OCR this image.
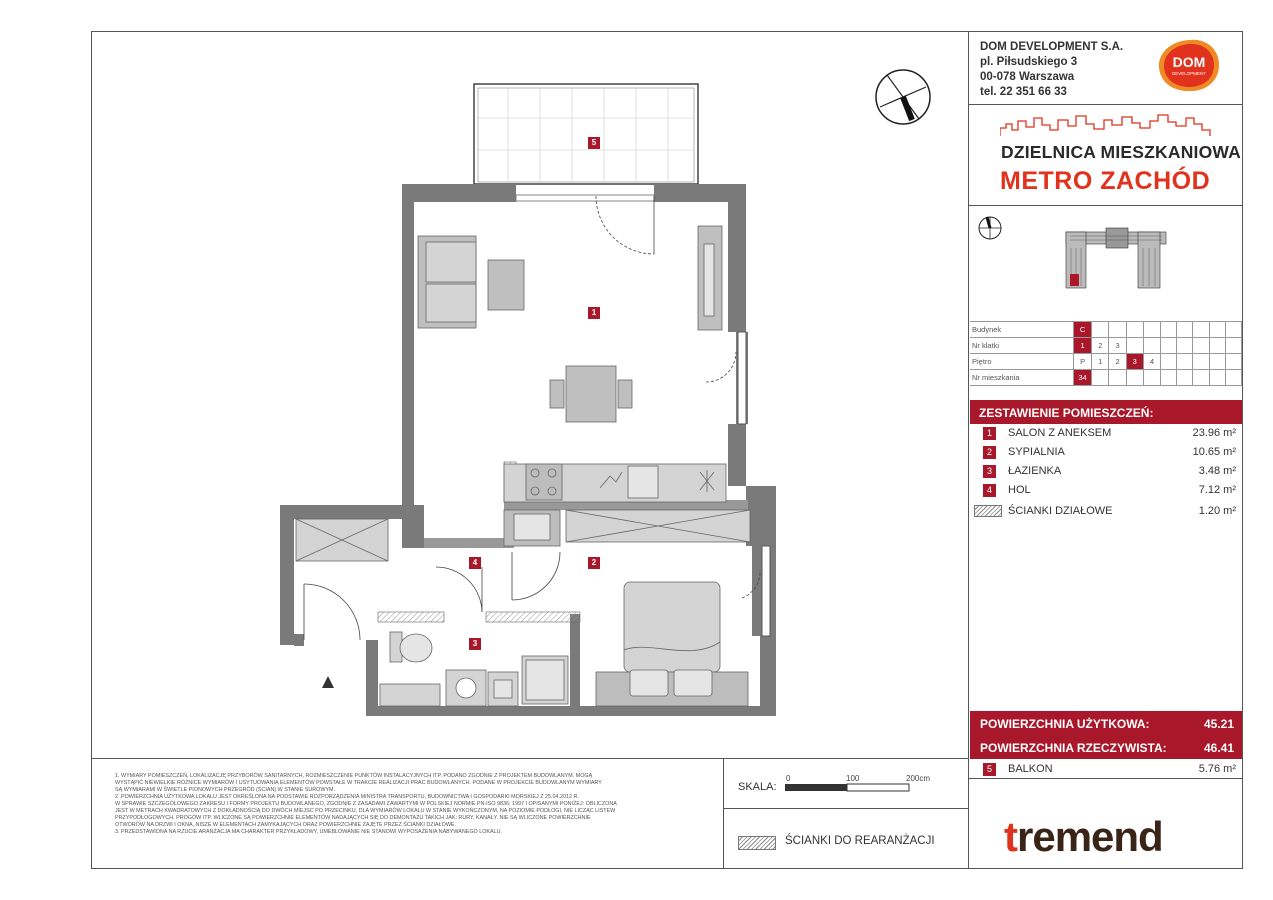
DOM DEVELOPMENT S.A.
pl. Piłsudskiego 3
00-078 Warszawa
tel. 22 351 66 33
DOM
DEVELOPMENT
DZIELNICA MIESZKANIOWA
METRO ZACHÓD
Budynek	C									
Nr klatki	1	2	3							
Piętro	P	1	2	3	4					
Nr mieszkania	34									
ZESTAWIENIE POMIESZCZEŃ:
1	SALON Z ANEKSEM	23.96 m²
2	SYPIALNIA	10.65 m²
3	ŁAZIENKA	3.48 m²
4	HOL	7.12 m²
ŚCIANKI DZIAŁOWE	1.20 m²
POWIERZCHNIA UŻYTKOWA:	45.21
POWIERZCHNIA RZECZYWISTA:	46.41
5	BALKON	5.76 m²
1. WYMIARY POMIESZCZEŃ, LOKALIZACJĘ PRZYBORÓW SANITARNYCH, ROZMIESZCZENIE PUNKTÓW INSTALACYJNYCH ITP. PODANO ZGODNIE Z PROJEKTEM BUDOWLANYM. MOGĄ
WYSTĄPIĆ NIEWIELKIE RÓŻNICE WYMIARÓW I USYTUOWANIA ELEMENTÓW POWSTAŁE W TRAKCIE REALIZACJI PRAC BUDOWLANYCH. PODANE W PROJEKCIE BUDOWLANYM WYMIARY
SĄ WYMIARAMI W ŚWIETLE PIONOWYCH PRZEGRÓD (ŚCIAN) W STANIE SUROWYM.
2. POWIERZCHNIA UŻYTKOWA LOKALU JEST OKREŚLONA NA PODSTAWIE ROZPORZĄDZENIA MINISTRA TRANSPORTU, BUDOWNICTWA I GOSPODARKI MORSKIEJ Z 25.04.2012 R.
W SPRAWIE SZCZEGÓŁOWEGO ZAKRESU I FORMY PROJEKTU BUDOWLANEGO, ZGODNIE Z ZASADAMI ZAWARTYMI W POLSKIEJ NORMIE PN-ISO 9836: 1997 I OPISANYMI PONIŻEJ: OBLICZONA
JEST W METRACH KWADRATOWYCH Z DOKŁADNOŚCIĄ DO DWÓCH MIEJSC PO PRZECINKU, DLA WYMIARÓW LOKALU W STANIE WYKOŃCZONYM, NA POZIOMIE PODŁOGI, NIE LICZĄC LISTEW
PRZYPODŁOGOWYCH, PROGÓW ITP. WLICZONE SĄ POWIERZCHNIE ELEMENTÓW NADAJĄCYCH SIĘ DO DEMONTAŻU TAKICH JAK: RURY, KANAŁY. NIE SĄ WLICZONE POWIERZCHNIE
OTWORÓW NA DRZWI I OKNA, NISZE W ELEMENTACH ZAMYKAJĄCYCH ORAZ POWIERZCHNIE ZAJĘTE PRZEZ ŚCIANKI DZIAŁOWE.
3. PRZEDSTAWIONA NA RZUCIE ARANŻACJA MA CHARAKTER PRZYKŁADOWY, UMEBLOWANIE NIE STANOWI WYPOSAŻENIA NABYWANEGO LOKALU.
SKALA:
0	100	200cm
ŚCIANKI DO REARANŻACJI tremend
5
1
2
4
3
